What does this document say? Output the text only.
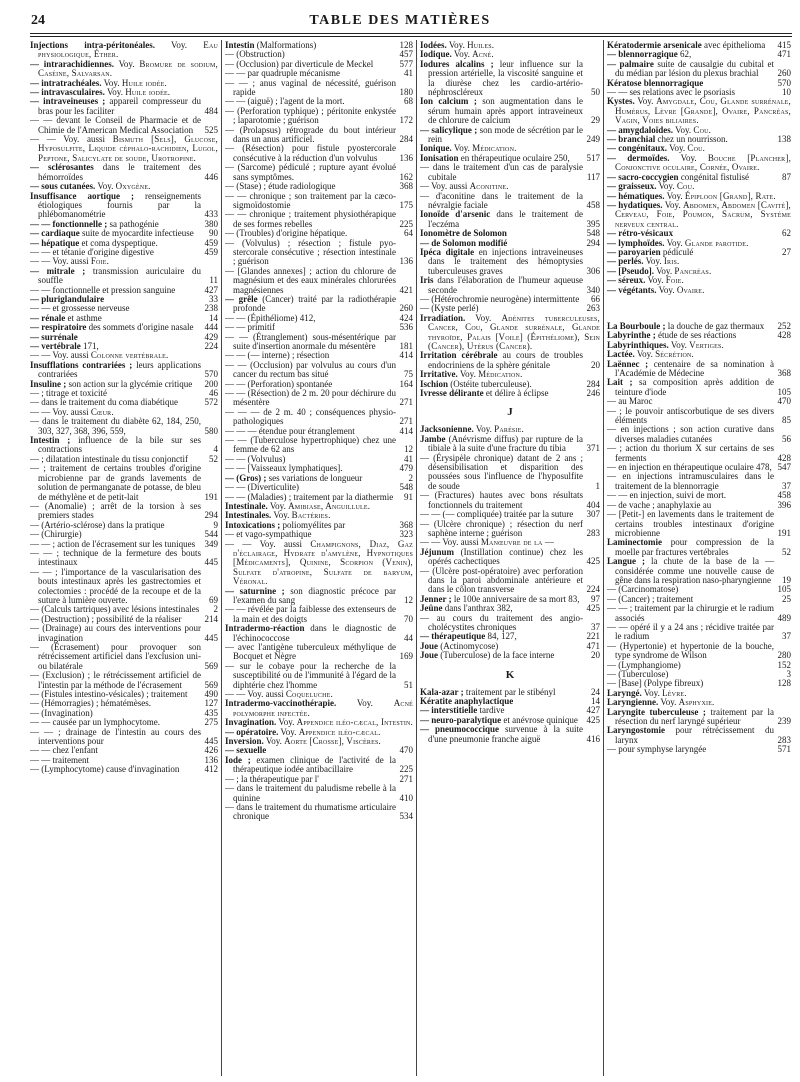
24	TABLE DES MATIÈRES
Injections intra-péritonéales. Voy. Eau physiologique, Éther.
— intrarachidiennes. Voy. Bromure de sodium, Caséine, Salvarsan.
— intratrachéales. Voy. Huile iodée.
— intravasculaires. Voy. Huile iodée.
— intraveineuses ; appareil compresseur du bras pour les faciliter	484
— — devant le Conseil de Pharmacie et de Chimie de l'American Medical Association	525
— — Voy. aussi Bismuth [Sels], Glucose, Hyposulfite, Liquide céphalo-rachidien, Lugol, Peptone, Salicylate de soude, Urotropine.
— sclérosantes dans le traitement des hémorroïdes	446
— sous cutanées. Voy. Oxygène.
Insuffisance aortique ; renseignements étiologiques fournis par la phlébomanométrie	433
— — fonctionnelle ; sa pathogénie	380
— cardiaque suite de myocardite infectieuse	90
— hépatique et coma dyspeptique.	459
— — et tétanie d'origine digestive	459
— — Voy. aussi Foie.
— mitrale ; transmission auriculaire du souffle	11
— — fonctionnelle et pression sanguine	427
— pluriglandulaire	33
— — et grossesse nerveuse	238
— rénale et asthme	14
— respiratoire des sommets d'origine nasale	444
— surrénale	429
— vertébrale 171,	224
— — Voy. aussi Colonne vertébrale.
Insufflations contrariées ; leurs applications contrariées	570
Insuline ; son action sur la glycémie critique	200
— ; titrage et toxicité	46
— dans le traitement du coma diabétique	572
— — Voy. aussi Cœur.
— dans le traitement du diabète 62, 184, 250, 303, 327, 368, 396, 559,	580
Intestin ; influence de la bile sur ses contractions	4
— ; dilatation intestinale du tissu conjonctif	52
— ; traitement de certains troubles d'origine microbienne par de grands lavements de solution de permanganate de potasse, de bleu de méthylène et de petit-lait	191
— (Anomalie) ; arrêt de la torsion à ses premiers stades	294
— (Artério-sclérose) dans la pratique	9
— (Chirurgie)	544
— — ; action de l'écrasement sur les tuniques	349
— — ; technique de la fermeture des bouts intestinaux	445
— — ; l'importance de la vascularisation des bouts intestinaux après les gastrectomies et colectomies : procédé de la recoupe et de la suture à lumière ouverte.	69
— (Calculs tartriques) avec lésions intestinales 2
— (Destruction) ; possibilité de la réaliser	214
— (Drainage) au cours des interventions pour invagination	445
— (Écrasement) pour provoquer son rétrécissement artificiel dans l'exclusion uni- ou bilatérale	569
— (Exclusion) ; le rétrécissement artificiel de l'intestin par la méthode de l'écrasement	569
— (Fistules intestino-vésicales) ; traitement	490
— (Hémorragies) ; hématémèses.	127
— (Invagination)	435
— — causée par un lymphocytome.	275
— — ; drainage de l'intestin au cours des interventions pour	445
— — chez l'enfant	426
— — traitement	136
— (Lymphocytome) cause d'invagination	412
Intestin (Malformations)	128
— (Obstruction)	457
— (Occlusion) par diverticule de Meckel	577
— — par quadruple mécanisme	41
— — ; anus vaginal de nécessité, guérison rapide	180
— — (aiguë) ; l'agent de la mort.	68
— (Perforation typhique) ; péritonite enkystée ; laparotomie ; guérison	172
— (Prolapsus) rétrograde du bout intérieur dans un anus artificiel.	284
— (Résection) pour fistule pyostercorale consécutive à la réduction d'un volvulus	136
— (Sarcome) pédiculé ; rupture ayant évolué sans symptômes.	162
— (Stase) ; étude radiologique	368
— — chronique ; son traitement par la cæco-sigmoïdostomie	175
— — chronique ; traitement physiothérapique de ses formes rebelles	225
— (Troubles) d'origine hépatique.	64
— (Volvulus) ; résection ; fistule pyo-stercorale consécutive ; résection intestinale ; guérison	136
— [Glandes annexes] ; action du chlorure de magnésium et des eaux minérales chlorurées magnésiennes	421
— grêle (Cancer) traité par la radiothérapie profonde	260
— — (Épithéliome) 412,	424
— — primitif	536
— — (Étranglement) sous-mésentérique par suite d'insertion anormale du mésentère	181
— — (— interne) ; résection	414
— — (Occlusion) par volvulus au cours d'un cancer du rectum bas situé	75
— — (Perforation) spontanée	164
— — (Résection) de 2 m. 20 pour déchirure du mésentère	271
— — — de 2 m. 40 ; conséquences physio-pathologiques	271
— — — étendue pour étranglement	414
— — (Tuberculose hypertrophique) chez une femme de 62 ans	12
— — (Volvulus)	41
— — [Vaisseaux lymphatiques].	479
— (Gros) ; ses variations de longueur	2
— — (Diverticulite)	548
— — (Maladies) ; traitement par la diathermie	91
Intestinale. Voy. Amibiase, Anguillule.
Intestinales. Voy. Bactéries.
Intoxications ; poliomyélites par	368
— et vago-sympathique	323
— — Voy. aussi Champignons, Diaz, Gaz d'éclairage, Hydrate d'amylène, Hypnotiques [Médicaments], Quinine, Scorpion (Venin), Sulfate d'atropine, Sulfate de baryum, Véronal.
— saturnine ; son diagnostic précoce par l'examen du sang	12
— — révélée par la faiblesse des extenseurs de la main et des doigts	70
Intradermo-réaction dans le diagnostic de l'échinococcose	44
— avec l'antigène tuberculeux méthylique de Bocquet et Nègre	169
— sur le cobaye pour la recherche de la susceptibilité ou de l'immunité à l'égard de la diphtérie chez l'homme	51
— — Voy. aussi Coqueluche.
Intradermo-vaccinothérapie. Voy. Acné polymorphe infectée.
Invagination. Voy. Appendice iléo-cæcal, Intestin.
— opératoire. Voy. Appendice iléo-cæcal.
Inversion. Voy. Aorte [Crosse], Viscères.
— sexuelle	470
Iode ; examen clinique de l'activité de la thérapeutique iodée antibacillaire	225
— ; la thérapeutique par l'	271
— dans le traitement du paludisme rebelle à la quinine	410
— dans le traitement du rhumatisme articulaire chronique	534
Iodées. Voy. Huiles.
Iodique. Voy. Acné.
Iodures alcalins ; leur influence sur la pression artérielle, la viscosité sanguine et la diurèse chez les cardio-artério-néphroscléreux	50
Ion calcium ; son augmentation dans le sérum humain après apport intraveineux de chlorure de calcium	29
— salicylique ; son mode de sécrétion par le rein	249
Ionique. Voy. Médication.
Ionisation en thérapeutique oculaire 250,	517
— dans le traitement d'un cas de paralysie cubitale	117
— Voy. aussi Aconitine.
— d'aconitine dans le traitement de la névralgie faciale	458
Ionoïde d'arsenic dans le traitement de l'eczéma	395
Ionomètre de Solomon	548
— de Solomon modifié	294
Ipéca digitale en injections intraveineuses dans le traitement des hémoptysies tuberculeuses graves	306
Iris dans l'élaboration de l'humeur aqueuse seconde	340
— (Hétérochromie neurogène) intermittente	66
— (Kyste perlé)	263
Irradiation. Voy. Adénites tuberculeuses, Cancer, Cou, Glande surrénale, Glande thyroïde, Palais [Voile] (Épithéliome), Sein (Cancer), Utérus (Cancer).
Irritation cérébrale au cours de troubles endocriniens de la sphère génitale	20
Irritative. Voy. Médication.
Ischion (Ostéite tuberculeuse).	284
Ivresse délirante et délire à éclipse	246
J
Jacksonienne. Voy. Parésie.
Jambe (Anévrisme diffus) par rupture de la tibiale à la suite d'une fracture du tibia	371
— (Érysipèle chronique) datant de 2 ans ; désensibilisation et disparition des poussées sous l'influence de l'hyposulfite de soude	1
— (Fractures) hautes avec bons résultats fonctionnels du traitement	404
— — (— compliquée) traitée par la suture	307
— (Ulcère chronique) ; résection du nerf saphène interne ; guérison	283
— — Voy. aussi Manœuvre de la —
Jéjunum (Instillation continue) chez les opérés cachectiques	425
— (Ulcère post-opératoire) avec perforation dans la paroi abdominale antérieure et dans le côlon transverse	224
Jenner ; le 100e anniversaire de sa mort 83,	97
Jeûne dans l'anthrax 382,	425
— au cours du traitement des angio-cholécystites chroniques	37
— thérapeutique 84, 127,	221
Joue (Actinomycose)	471
Joue (Tuberculose) de la face interne	20
K
Kala-azar ; traitement par le stibényl	24
Kératite anaphylactique	14
— interstitielle tardive	427
— neuro-paralytique et anévrose quinique 425
— pneumococcique survenue à la suite d'une pneumonie franche aiguë	416
Kératodermie arsenicale avec épithelioma	415
— blennorragique 62,	471
— palmaire suite de causalgie du cubital et du médian par lésion du plexus brachial	260
Kératose blennorragique	570
— — ses relations avec le psoriasis	10
Kystes. Voy. Amygdale, Cou, Glande surrénale, Humérus, Lèvre [Grande], Ovaire, Pancréas, Vagin, Voies biliaires.
— amygdaloïdes. Voy. Cou.
— branchial chez un nourrisson.	138
— congénitaux. Voy. Cou.
— dermoïdes. Voy. Bouche [Plancher], Conjonctive oculaire, Cornée, Ovaire.
— sacro-coccygien congénital fistulisé	87
— graisseux. Voy. Cou.
— hématiques. Voy. Épiploon [Grand], Rate.
— hydatiques. Voy. Abdomen, Abdomen [Cavité], Cerveau, Foie, Poumon, Sacrum, Système nerveux central.
— rétro-vésicaux	62
— lymphoïdes. Voy. Glande parotide.
— paroyarien pédiculé	27
— perlés. Voy. Iris.
— [Pseudo]. Voy. Pancréas.
— séreux. Voy. Foie.
— végétants. Voy. Ovaire.
La Bourboule ; la douche de gaz thermaux	252
Labyrinthe ; étude de ses réactions	428
Labyrinthiques. Voy. Vertiges.
Lactée. Voy. Sécrétion.
Laënnec ; centenaire de sa nomination à l'Académie de Médecine	368
Lait ; sa composition après addition de teinture d'iode	105
— au Maroc	470
— ; le pouvoir antiscorbutique de ses divers éléments	85
— en injections ; son action curative dans diverses maladies cutanées	56
— ; action du thorium X sur certains de ses ferments	428
— en injection en thérapeutique oculaire 478, 547
— en injections intramusculaires dans le traitement de la blennorragie	37
— — en injection, suivi de mort.	458
— de vache ; anaphylaxie au	396
— [Petit-] en lavements dans le traitement de certains troubles intestinaux d'origine microbienne	191
Laminectomie pour compression de la moelle par fractures vertébrales	52
Langue ; la chute de la base de la — considérée comme une nouvelle cause de gêne dans la respiration naso-pharyngienne	19
— (Carcinomatose)	105
— (Cancer) ; traitement	25
— — ; traitement par la chirurgie et le radium associés	489
— — opéré il y a 24 ans ; récidive traitée par le radium	37
— (Hypertonie) et hypertonie de la bouche, type syndrome de Wilson	280
— (Lymphangiome)	152
— (Tuberculose)	3
— [Base] (Polype fibreux)	128
Laryngé. Voy. Lèvre.
Laryngienne. Voy. Asphyxie.
Laryngite tuberculeuse ; traitement par la résection du nerf laryngé supérieur	239
Laryngostomie pour rétrécissement du larynx	283
— pour symphyse laryngée	571
